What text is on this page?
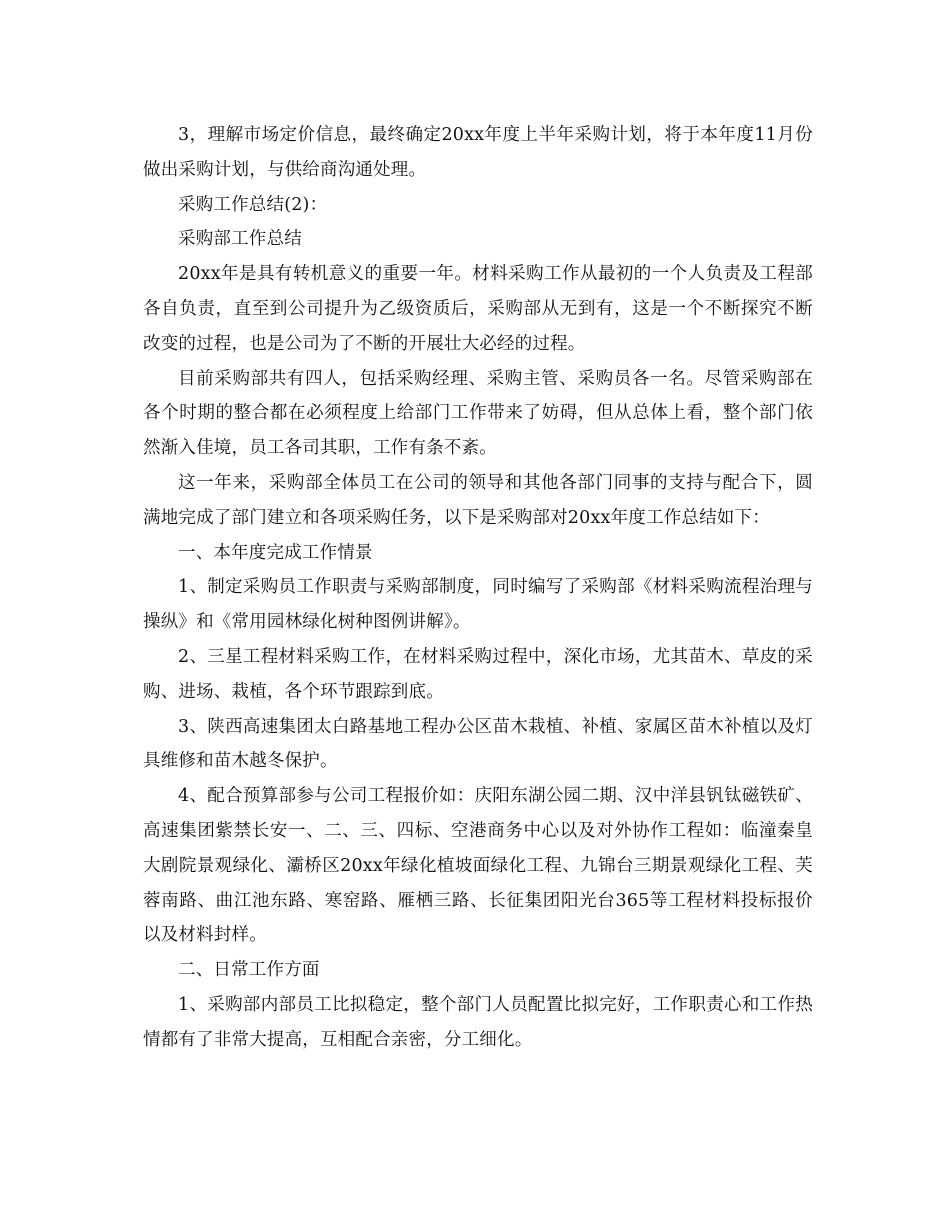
3，理解市场定价信息，最终确定20xx年度上半年采购计划，将于本年度11月份做出采购计划，与供给商沟通处理。

采购工作总结(2)：

采购部工作总结

20xx年是具有转机意义的重要一年。材料采购工作从最初的一个人负责及工程部各自负责，直至到公司提升为乙级资质后，采购部从无到有，这是一个不断探究不断改变的过程，也是公司为了不断的开展壮大必经的过程。

目前采购部共有四人，包括采购经理、采购主管、采购员各一名。尽管采购部在各个时期的整合都在必须程度上给部门工作带来了妨碍，但从总体上看，整个部门依然渐入佳境，员工各司其职，工作有条不紊。

这一年来，采购部全体员工在公司的领导和其他各部门同事的支持与配合下，圆满地完成了部门建立和各项采购任务，以下是采购部对20xx年度工作总结如下：

一、本年度完成工作情景

1、制定采购员工作职责与采购部制度，同时编写了采购部《材料采购流程治理与操纵》和《常用园林绿化树种图例讲解》。

2、三星工程材料采购工作，在材料采购过程中，深化市场，尤其苗木、草皮的采购、进场、栽植，各个环节跟踪到底。

3、陕西高速集团太白路基地工程办公区苗木栽植、补植、家属区苗木补植以及灯具维修和苗木越冬保护。

4、配合预算部参与公司工程报价如：庆阳东湖公园二期、汉中洋县钒钛磁铁矿、高速集团紫禁长安一、二、三、四标、空港商务中心以及对外协作工程如：临潼秦皇大剧院景观绿化、灞桥区20xx年绿化植坡面绿化工程、九锦台三期景观绿化工程、芙蓉南路、曲江池东路、寒窑路、雁栖三路、长征集团阳光台365等工程材料投标报价以及材料封样。

二、日常工作方面

1、采购部内部员工比拟稳定，整个部门人员配置比拟完好，工作职责心和工作热情都有了非常大提高，互相配合亲密，分工细化。
